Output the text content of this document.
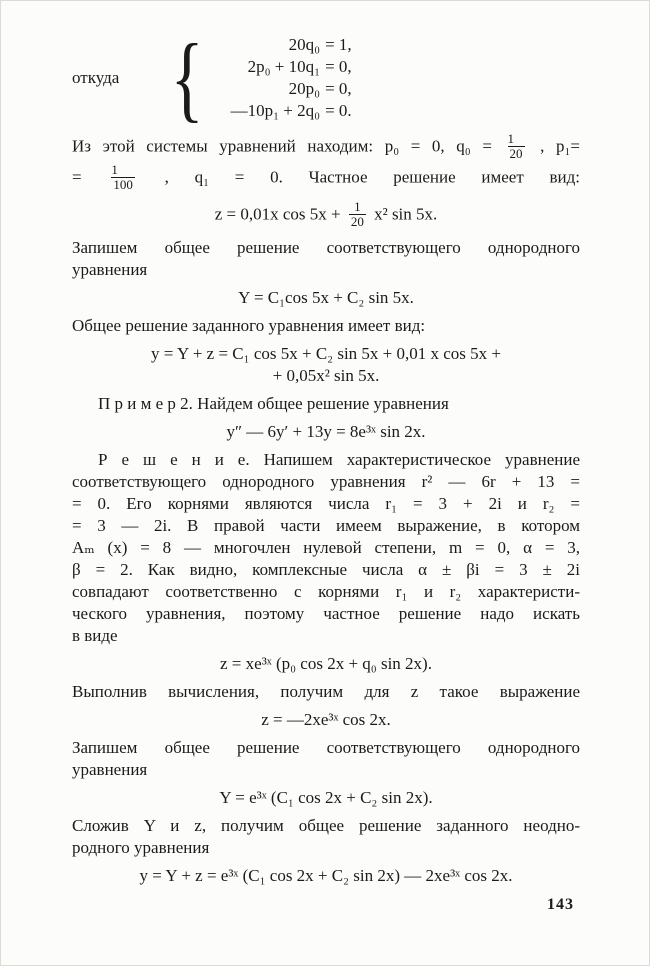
откуда {	20q₀ = 1,
2p₀ + 10q₁ = 0,
20p₀ = 0,
—10p₁ + 2q₀ = 0.
Из этой системы уравнений находим: p₀ = 0, $q_0 = \frac{1}{20}$ , p₁=
= $\frac{1}{100}$ , q₁ = 0. Частное решение имеет вид:
z = 0,01x $\cos 5x + \frac{1}{20} x^2$ sin 5x.
Запишем общее решение соответствующего однородного
уравнения
Y = C₁cos 5x + C₂ sin 5x.
Общее решение заданного уравнения имеет вид:
y = Y + z = C₁ cos 5x + C₂ sin 5x + 0,01 x cos 5x +
+ 0,05x² sin 5x.
П р и м е р 2. Найдем общее решение уравнения
y″ — 6y′ + 13y = 8e³ˣ sin 2x.
Р е ш е н и е. Напишем характеристическое уравнение
соответствующего однородного уравнения r² — 6r + 13 =
= 0. Его корнями являются числа r₁ = 3 + 2i и r₂ =
= 3 — 2i. В правой части имеем выражение, в котором
Aₘ (x) = 8 — многочлен нулевой степени, m = 0, α = 3,
β = 2. Как видно, комплексные числа α ± βi = 3 ± 2i
совпадают соответственно с корнями r₁ и r₂ характеристи-
ческого уравнения, поэтому частное решение надо искать
в виде
z = xe³ˣ (p₀ cos 2x + q₀ sin 2x).
Выполнив вычисления, получим для z такое выражение
z = —2xe³ˣ cos 2x.
Запишем общее решение соответствующего однородного
уравнения
Y = e³ˣ (C₁ cos 2x + C₂ sin 2x).
Сложив Y и z, получим общее решение заданного неодно-
родного уравнения
y = Y + z = e³ˣ (C₁ cos 2x + C₂ sin 2x) — 2xe³ˣ cos 2x.
143
